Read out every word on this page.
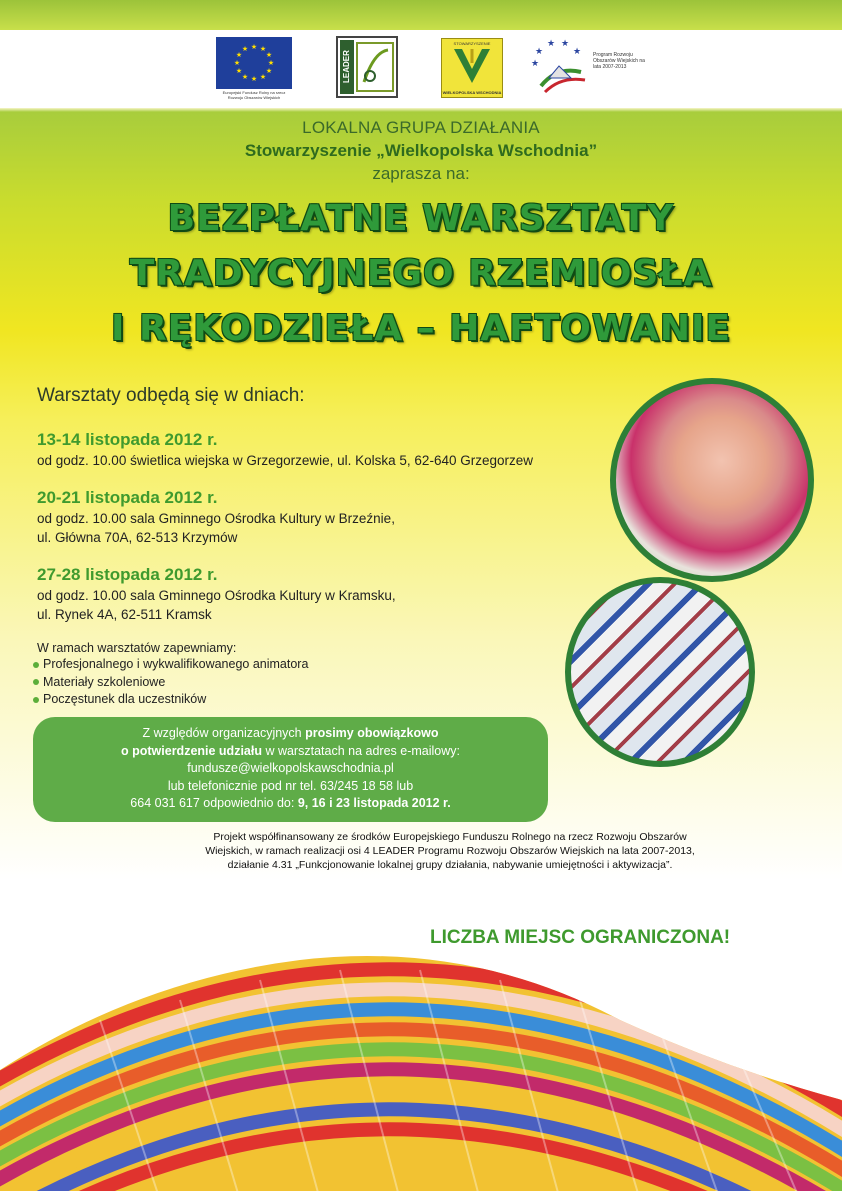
★ ★
★
★
★
★
★
★
★
★
★
★
Europejski Fundusz Rolny na rzecz Rozwoju Obszarów Wiejskich
LEADER
STOWARZYSZENIE
WIELKOPOLSKA WSCHODNIA
★
★ ★
★
★
Program Rozwoju Obszarów Wiejskich na lata 2007-2013
LOKALNA GRUPA DZIAŁANIA
Stowarzyszenie „Wielkopolska Wschodnia”
zaprasza na:
BEZPŁATNE WARSZTATY
TRADYCYJNEGO RZEMIOSŁA
I RĘKODZIEŁA – HAFTOWANIE
Warsztaty odbędą się w dniach:
13-14 listopada 2012 r.
od godz. 10.00 świetlica wiejska w Grzegorzewie, ul. Kolska 5, 62-640 Grzegorzew
20-21 listopada 2012 r.
od godz. 10.00 sala Gminnego Ośrodka Kultury w Brzeźnie,
ul. Główna 70A, 62-513 Krzymów
27-28 listopada 2012 r.
od godz. 10.00 sala Gminnego Ośrodka Kultury w Kramsku,
ul. Rynek 4A, 62-511 Kramsk
W ramach warsztatów zapewniamy:
Profesjonalnego i wykwalifikowanego animatora
Materiały szkoleniowe
Poczęstunek dla uczestników
Z względów organizacyjnych prosimy obowiązkowo
o potwierdzenie udziału w warsztatach na adres e-mailowy:
fundusze@wielkopolskawschodnia.pl
lub telefonicznie pod nr tel. 63/245 18 58 lub
664 031 617 odpowiednio do: 9, 16 i 23 listopada 2012 r.
Projekt współfinansowany ze środków Europejskiego Funduszu Rolnego na rzecz Rozwoju Obszarów
Wiejskich, w ramach realizacji osi 4 LEADER Programu Rozwoju Obszarów Wiejskich na lata 2007-2013,
działanie 4.31 „Funkcjonowanie lokalnej grupy działania, nabywanie umiejętności i aktywizacja”.
LICZBA MIEJSC OGRANICZONA!
